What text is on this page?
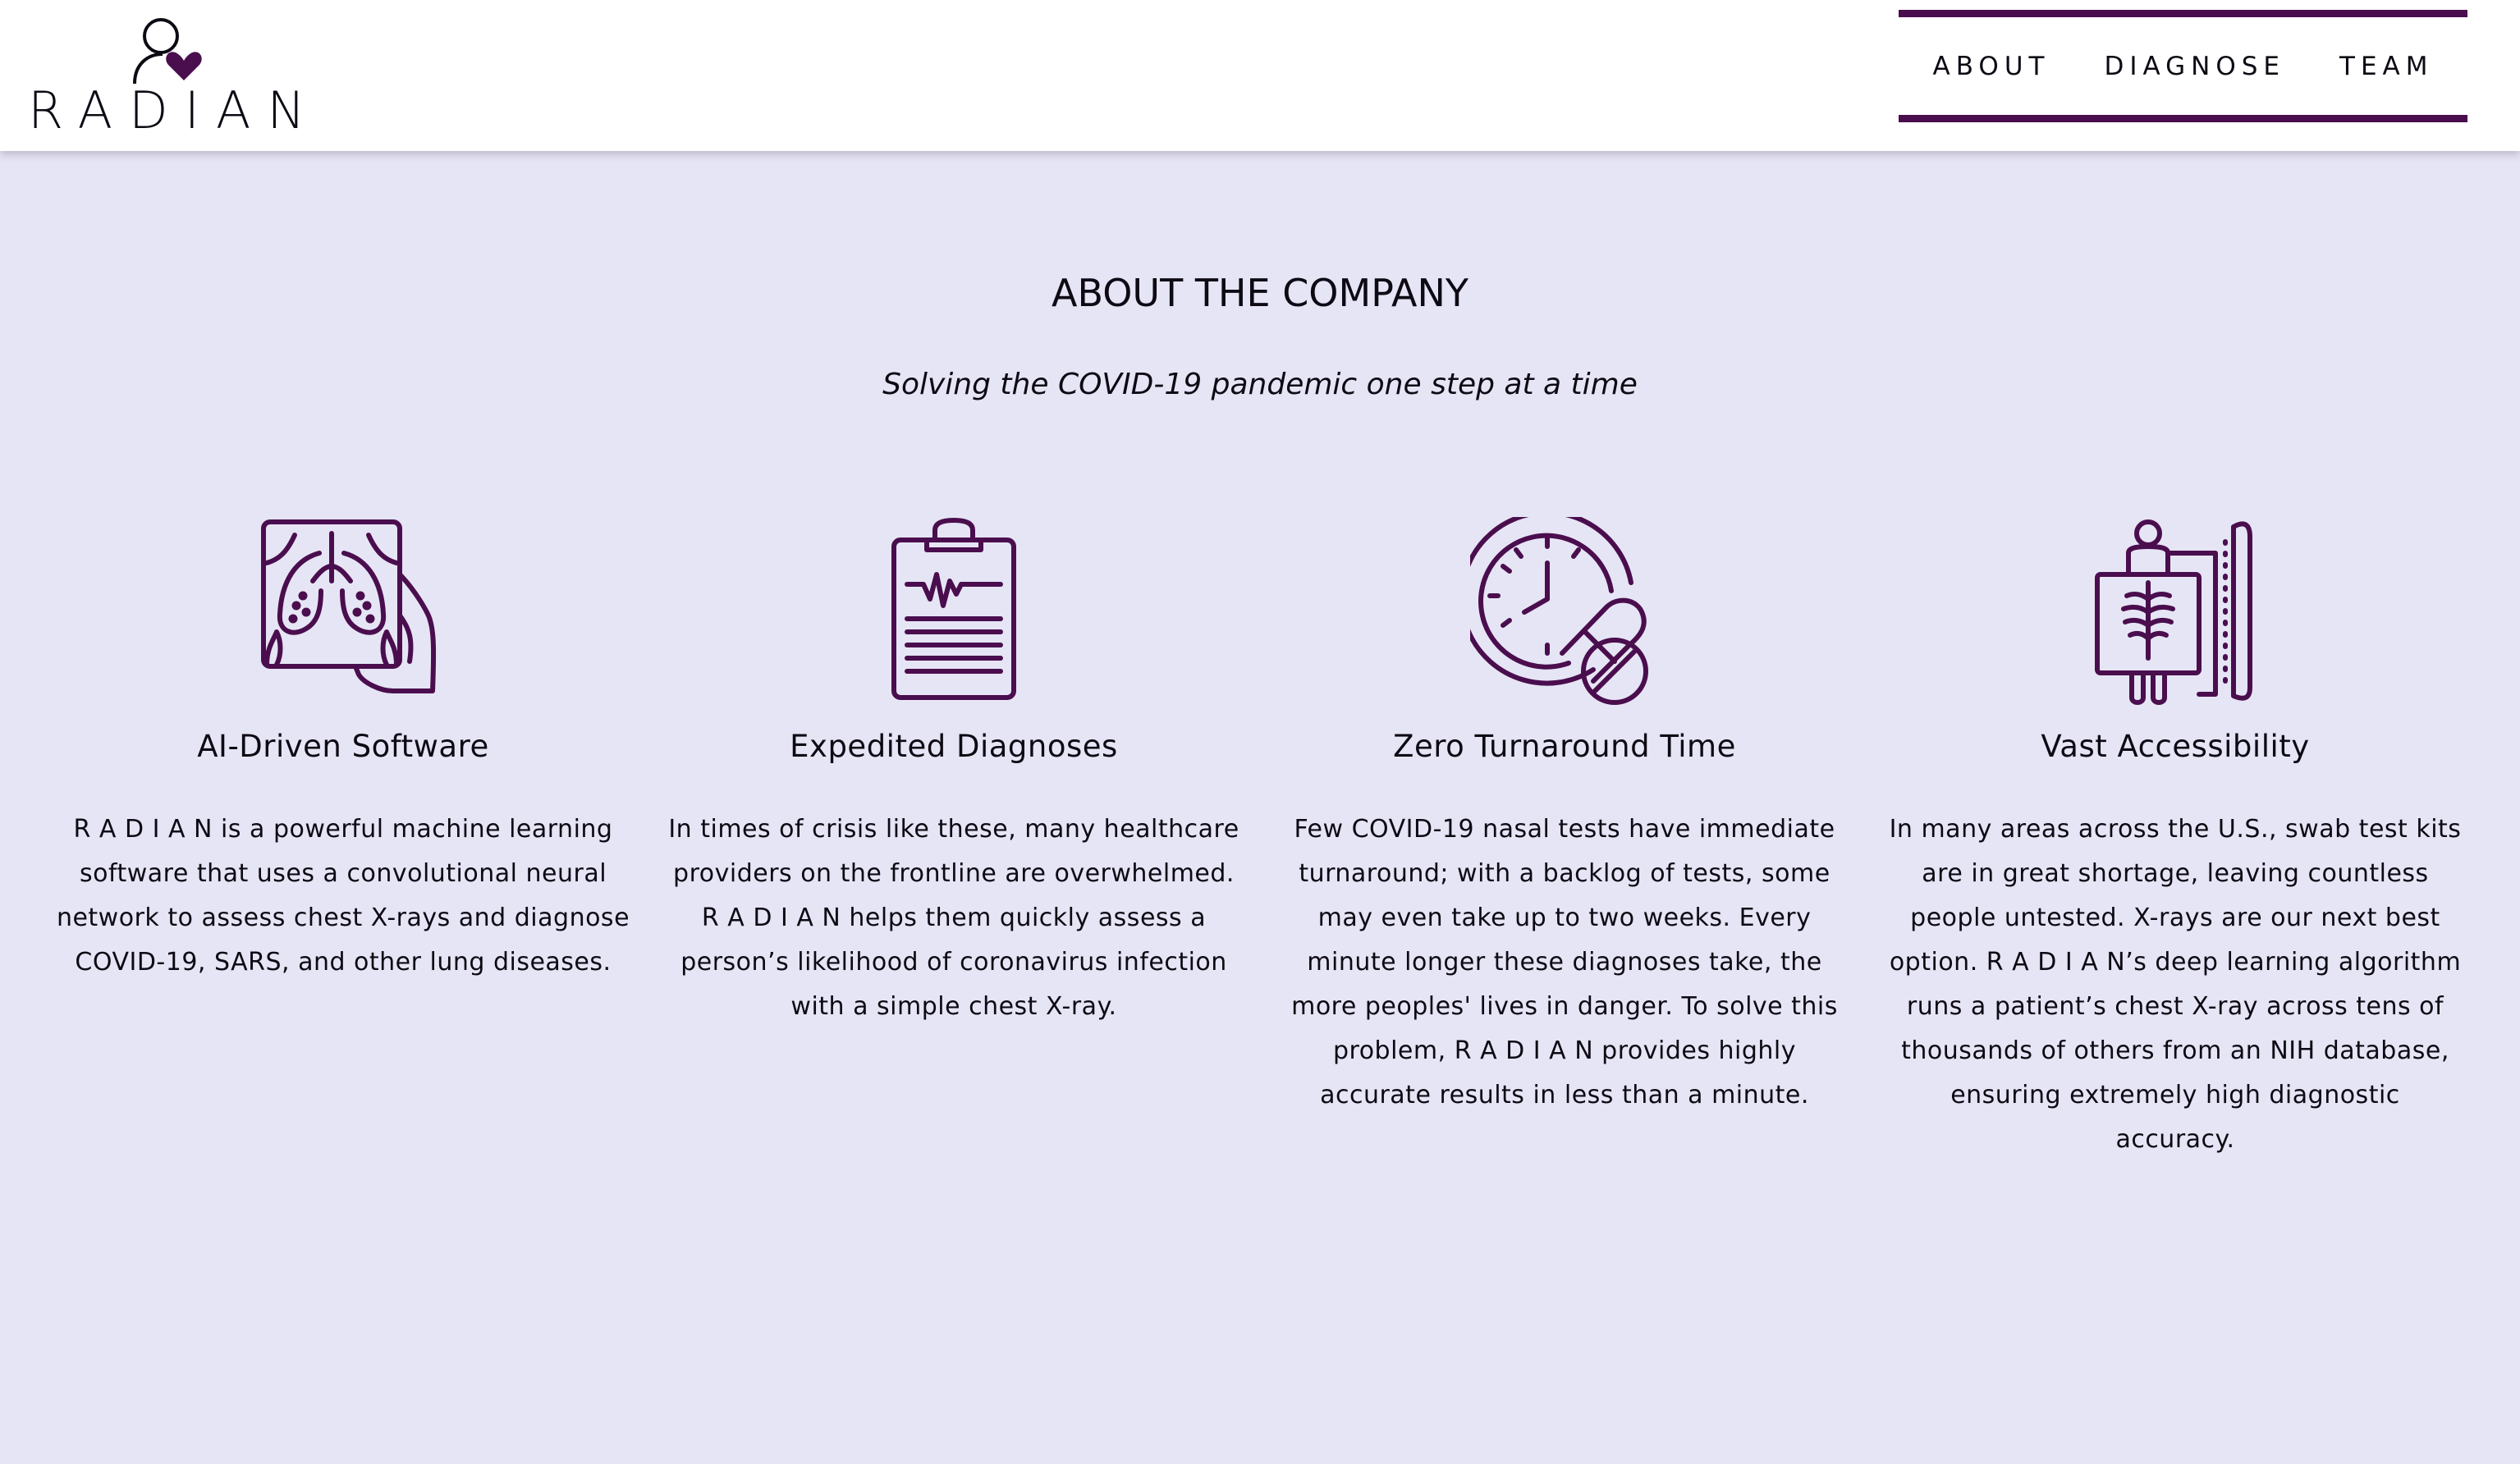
RADIAN
ABOUT	DIAGNOSE	TEAM
ABOUT THE COMPANY
Solving the COVID-19 pandemic one step at a time
AI-Driven Software

R A D I A N is a powerful machine learning software that uses a convolutional neural network to assess chest X-rays and diagnose COVID-19, SARS, and other lung diseases.

Expedited Diagnoses

In times of crisis like these, many healthcare providers on the frontline are overwhelmed. R A D I A N helps them quickly assess a person’s likelihood of coronavirus infection with a simple chest X-ray.

Zero Turnaround Time

Few COVID-19 nasal tests have immediate turnaround; with a backlog of tests, some may even take up to two weeks. Every minute longer these diagnoses take, the more peoples' lives in danger. To solve this problem, R A D I A N provides highly accurate results in less than a minute.

Vast Accessibility

In many areas across the U.S., swab test kits are in great shortage, leaving countless people untested. X-rays are our next best option. R A D I A N’s deep learning algorithm runs a patient’s chest X-ray across tens of thousands of others from an NIH database, ensuring extremely high diagnostic accuracy.
